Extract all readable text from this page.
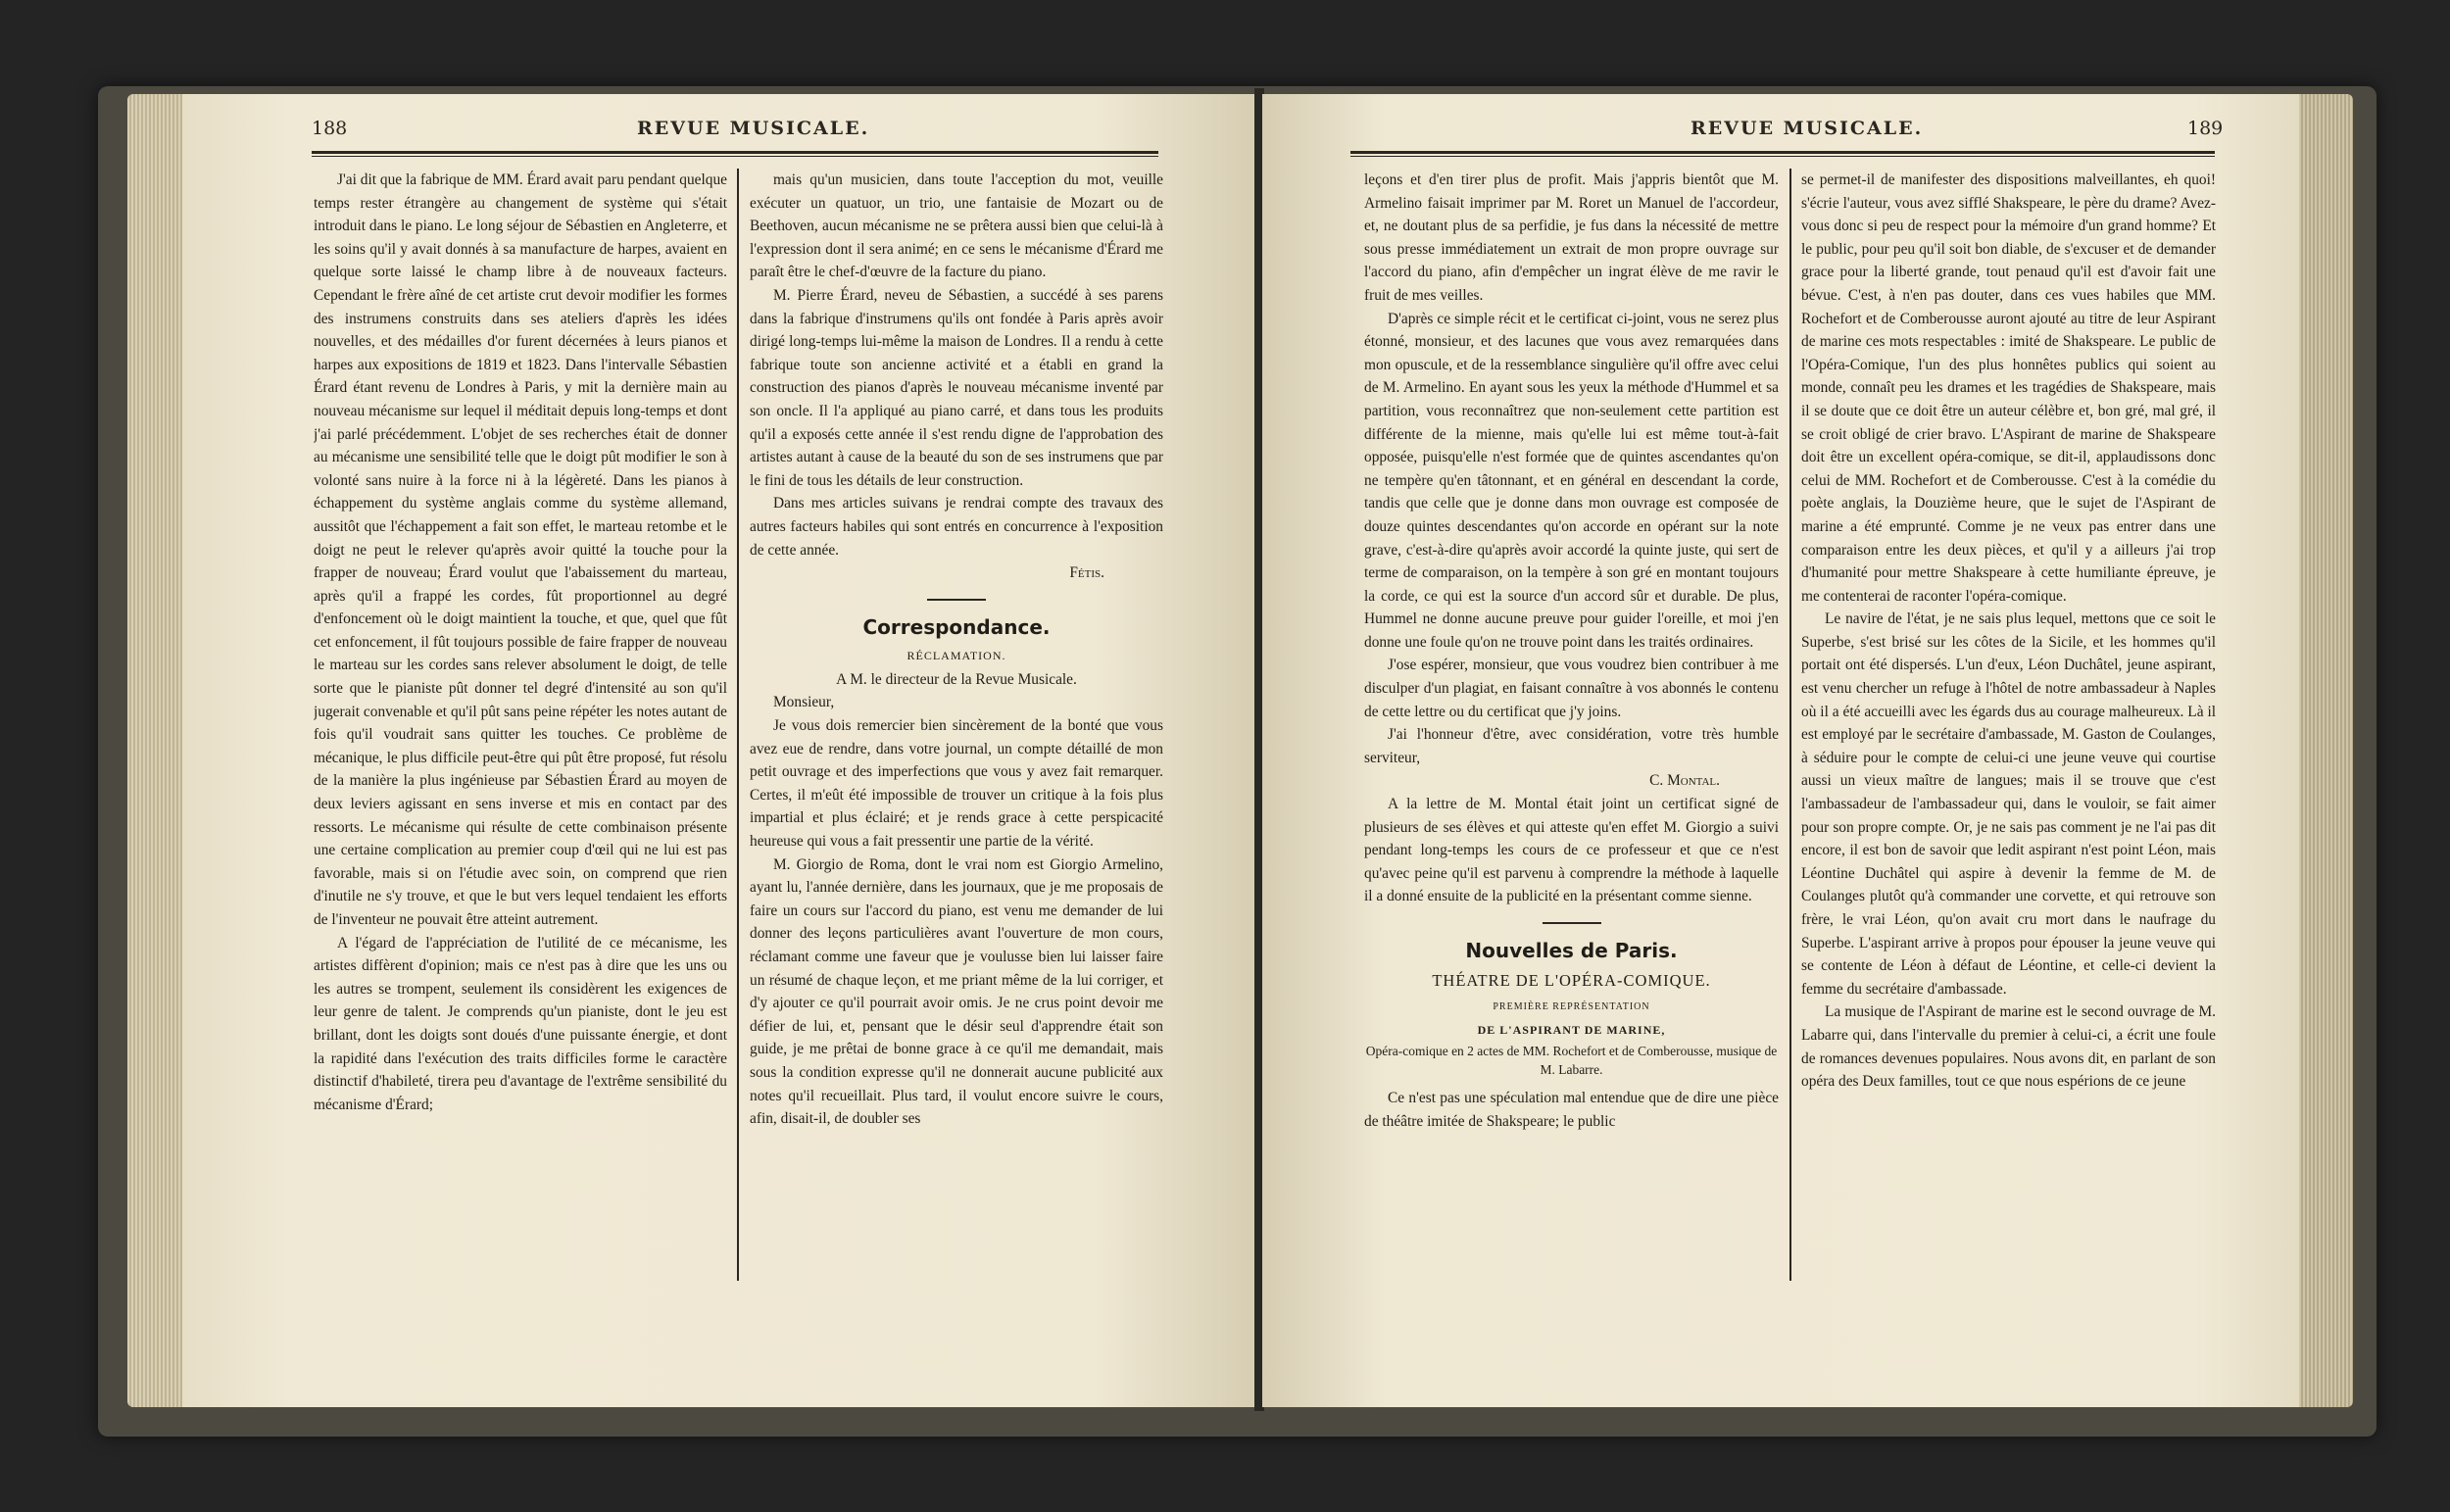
188	REVUE MUSICALE.

J'ai dit que la fabrique de MM. Érard avait paru pendant quelque temps rester étrangère au changement de système qui s'était introduit dans le piano. Le long séjour de Sébastien en Angleterre, et les soins qu'il y avait donnés à sa manufacture de harpes, avaient en quelque sorte laissé le champ libre à de nouveaux facteurs. Cependant le frère aîné de cet artiste crut devoir modifier les formes des instrumens construits dans ses ateliers d'après les idées nouvelles, et des médailles d'or furent décernées à leurs pianos et harpes aux expositions de 1819 et 1823. Dans l'intervalle Sébastien Érard étant revenu de Londres à Paris, y mit la dernière main au nouveau mécanisme sur lequel il méditait depuis long-temps et dont j'ai parlé précédemment. L'objet de ses recherches était de donner au mécanisme une sensibilité telle que le doigt pût modifier le son à volonté sans nuire à la force ni à la légèreté. Dans les pianos à échappement du système anglais comme du système allemand, aussitôt que l'échappement a fait son effet, le marteau retombe et le doigt ne peut le relever qu'après avoir quitté la touche pour la frapper de nouveau; Érard voulut que l'abaissement du marteau, après qu'il a frappé les cordes, fût proportionnel au degré d'enfoncement où le doigt maintient la touche, et que, quel que fût cet enfoncement, il fût toujours possible de faire frapper de nouveau le marteau sur les cordes sans relever absolument le doigt, de telle sorte que le pianiste pût donner tel degré d'intensité au son qu'il jugerait convenable et qu'il pût sans peine répéter les notes autant de fois qu'il voudrait sans quitter les touches. Ce problème de mécanique, le plus difficile peut-être qui pût être proposé, fut résolu de la manière la plus ingénieuse par Sébastien Érard au moyen de deux leviers agissant en sens inverse et mis en contact par des ressorts. Le mécanisme qui résulte de cette combinaison présente une certaine complication au premier coup d'œil qui ne lui est pas favorable, mais si on l'étudie avec soin, on comprend que rien d'inutile ne s'y trouve, et que le but vers lequel tendaient les efforts de l'inventeur ne pouvait être atteint autrement.

A l'égard de l'appréciation de l'utilité de ce mécanisme, les artistes diffèrent d'opinion; mais ce n'est pas à dire que les uns ou les autres se trompent, seulement ils considèrent les exigences de leur genre de talent. Je comprends qu'un pianiste, dont le jeu est brillant, dont les doigts sont doués d'une puissante énergie, et dont la rapidité dans l'exécution des traits difficiles forme le caractère distinctif d'habileté, tirera peu d'avantage de l'extrême sensibilité du mécanisme d'Érard;

mais qu'un musicien, dans toute l'acception du mot, veuille exécuter un quatuor, un trio, une fantaisie de Mozart ou de Beethoven, aucun mécanisme ne se prêtera aussi bien que celui-là à l'expression dont il sera animé; en ce sens le mécanisme d'Érard me paraît être le chef-d'œuvre de la facture du piano.

M. Pierre Érard, neveu de Sébastien, a succédé à ses parens dans la fabrique d'instrumens qu'ils ont fondée à Paris après avoir dirigé long-temps lui-même la maison de Londres. Il a rendu à cette fabrique toute son ancienne activité et a établi en grand la construction des pianos d'après le nouveau mécanisme inventé par son oncle. Il l'a appliqué au piano carré, et dans tous les produits qu'il a exposés cette année il s'est rendu digne de l'approbation des artistes autant à cause de la beauté du son de ses instrumens que par le fini de tous les détails de leur construction.

Dans mes articles suivans je rendrai compte des travaux des autres facteurs habiles qui sont entrés en concurrence à l'exposition de cette année.

Fétis.

Correspondance.
RÉCLAMATION.

A M. le directeur de la Revue Musicale.

Monsieur,

Je vous dois remercier bien sincèrement de la bonté que vous avez eue de rendre, dans votre journal, un compte détaillé de mon petit ouvrage et des imperfections que vous y avez fait remarquer. Certes, il m'eût été impossible de trouver un critique à la fois plus impartial et plus éclairé; et je rends grace à cette perspicacité heureuse qui vous a fait pressentir une partie de la vérité.

M. Giorgio de Roma, dont le vrai nom est Giorgio Armelino, ayant lu, l'année dernière, dans les journaux, que je me proposais de faire un cours sur l'accord du piano, est venu me demander de lui donner des leçons particulières avant l'ouverture de mon cours, réclamant comme une faveur que je voulusse bien lui laisser faire un résumé de chaque leçon, et me priant même de la lui corriger, et d'y ajouter ce qu'il pourrait avoir omis. Je ne crus point devoir me défier de lui, et, pensant que le désir seul d'apprendre était son guide, je me prêtai de bonne grace à ce qu'il me demandait, mais sous la condition expresse qu'il ne donnerait aucune publicité aux notes qu'il recueillait. Plus tard, il voulut encore suivre le cours, afin, disait-il, de doubler ses

REVUE MUSICALE.	189

leçons et d'en tirer plus de profit. Mais j'appris bientôt que M. Armelino faisait imprimer par M. Roret un Manuel de l'accordeur, et, ne doutant plus de sa perfidie, je fus dans la nécessité de mettre sous presse immédiatement un extrait de mon propre ouvrage sur l'accord du piano, afin d'empêcher un ingrat élève de me ravir le fruit de mes veilles.

D'après ce simple récit et le certificat ci-joint, vous ne serez plus étonné, monsieur, et des lacunes que vous avez remarquées dans mon opuscule, et de la ressemblance singulière qu'il offre avec celui de M. Armelino. En ayant sous les yeux la méthode d'Hummel et sa partition, vous reconnaîtrez que non-seulement cette partition est différente de la mienne, mais qu'elle lui est même tout-à-fait opposée, puisqu'elle n'est formée que de quintes ascendantes qu'on ne tempère qu'en tâtonnant, et en général en descendant la corde, tandis que celle que je donne dans mon ouvrage est composée de douze quintes descendantes qu'on accorde en opérant sur la note grave, c'est-à-dire qu'après avoir accordé la quinte juste, qui sert de terme de comparaison, on la tempère à son gré en montant toujours la corde, ce qui est la source d'un accord sûr et durable. De plus, Hummel ne donne aucune preuve pour guider l'oreille, et moi j'en donne une foule qu'on ne trouve point dans les traités ordinaires.

J'ose espérer, monsieur, que vous voudrez bien contribuer à me disculper d'un plagiat, en faisant connaître à vos abonnés le contenu de cette lettre ou du certificat que j'y joins.

J'ai l'honneur d'être, avec considération, votre très humble serviteur,

C. Montal.

A la lettre de M. Montal était joint un certificat signé de plusieurs de ses élèves et qui atteste qu'en effet M. Giorgio a suivi pendant long-temps les cours de ce professeur et que ce n'est qu'avec peine qu'il est parvenu à comprendre la méthode à laquelle il a donné ensuite de la publicité en la présentant comme sienne.

Nouvelles de Paris.
THÉATRE DE L'OPÉRA-COMIQUE.
PREMIÈRE REPRÉSENTATION
DE L'ASPIRANT DE MARINE,
Opéra-comique en 2 actes de MM. Rochefort et de Comberousse, musique de M. Labarre.

Ce n'est pas une spéculation mal entendue que de dire une pièce de théâtre imitée de Shakspeare; le public

se permet-il de manifester des dispositions malveillantes, eh quoi! s'écrie l'auteur, vous avez sifflé Shakspeare, le père du drame? Avez-vous donc si peu de respect pour la mémoire d'un grand homme? Et le public, pour peu qu'il soit bon diable, de s'excuser et de demander grace pour la liberté grande, tout penaud qu'il est d'avoir fait une bévue. C'est, à n'en pas douter, dans ces vues habiles que MM. Rochefort et de Comberousse auront ajouté au titre de leur Aspirant de marine ces mots respectables : imité de Shakspeare. Le public de l'Opéra-Comique, l'un des plus honnêtes publics qui soient au monde, connaît peu les drames et les tragédies de Shakspeare, mais il se doute que ce doit être un auteur célèbre et, bon gré, mal gré, il se croit obligé de crier bravo. L'Aspirant de marine de Shakspeare doit être un excellent opéra-comique, se dit-il, applaudissons donc celui de MM. Rochefort et de Comberousse. C'est à la comédie du poète anglais, la Douzième heure, que le sujet de l'Aspirant de marine a été emprunté. Comme je ne veux pas entrer dans une comparaison entre les deux pièces, et qu'il y a ailleurs j'ai trop d'humanité pour mettre Shakspeare à cette humiliante épreuve, je me contenterai de raconter l'opéra-comique.

Le navire de l'état, je ne sais plus lequel, mettons que ce soit le Superbe, s'est brisé sur les côtes de la Sicile, et les hommes qu'il portait ont été dispersés. L'un d'eux, Léon Duchâtel, jeune aspirant, est venu chercher un refuge à l'hôtel de notre ambassadeur à Naples où il a été accueilli avec les égards dus au courage malheureux. Là il est employé par le secrétaire d'ambassade, M. Gaston de Coulanges, à séduire pour le compte de celui-ci une jeune veuve qui courtise aussi un vieux maître de langues; mais il se trouve que c'est l'ambassadeur de l'ambassadeur qui, dans le vouloir, se fait aimer pour son propre compte. Or, je ne sais pas comment je ne l'ai pas dit encore, il est bon de savoir que ledit aspirant n'est point Léon, mais Léontine Duchâtel qui aspire à devenir la femme de M. de Coulanges plutôt qu'à commander une corvette, et qui retrouve son frère, le vrai Léon, qu'on avait cru mort dans le naufrage du Superbe. L'aspirant arrive à propos pour épouser la jeune veuve qui se contente de Léon à défaut de Léontine, et celle-ci devient la femme du secrétaire d'ambassade.

La musique de l'Aspirant de marine est le second ouvrage de M. Labarre qui, dans l'intervalle du premier à celui-ci, a écrit une foule de romances devenues populaires. Nous avons dit, en parlant de son opéra des Deux familles, tout ce que nous espérions de ce jeune
